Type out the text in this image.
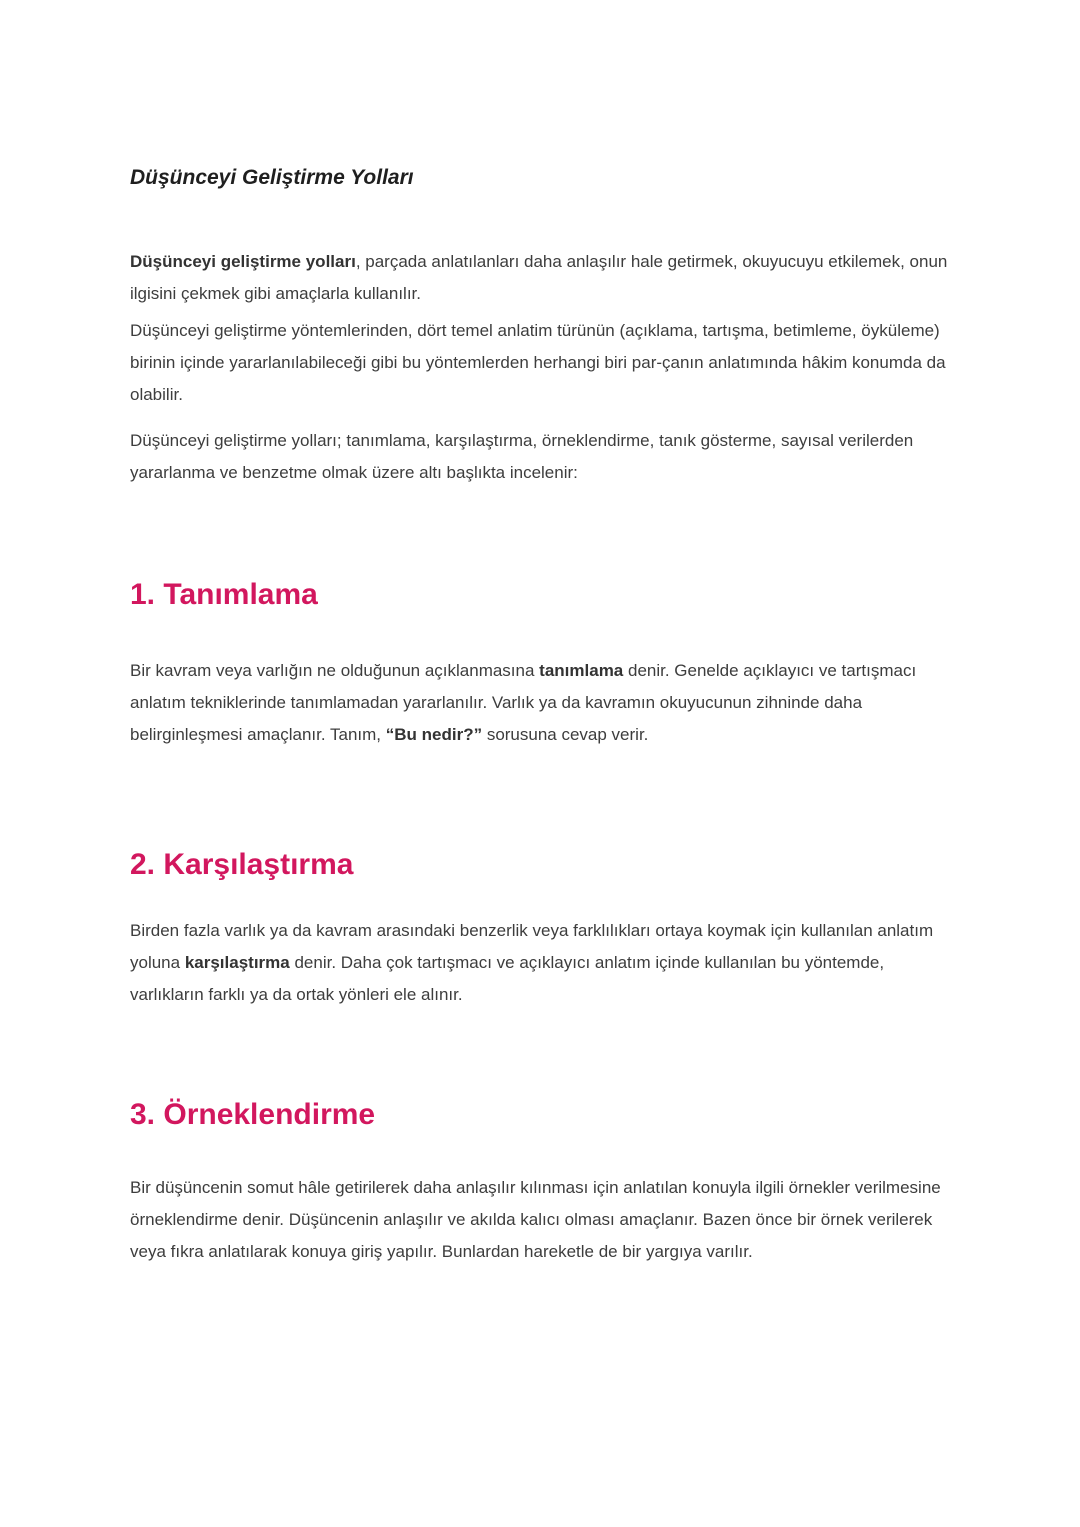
Düşünceyi Geliştirme Yolları

Düşünceyi geliştirme yolları, parçada anlatılanları daha anlaşılır hale getirmek, okuyucuyu etkilemek, onun ilgisini çekmek gibi amaçlarla kullanılır.

Düşünceyi geliştirme yöntemlerinden, dört temel anlatim türünün (açıklama, tartışma, betimleme, öyküleme) birinin içinde yararlanılabileceği gibi bu yöntemlerden herhangi biri par-çanın anlatımında hâkim konumda da olabilir.

Düşünceyi geliştirme yolları; tanımlama, karşılaştırma, örneklendirme, tanık gösterme, sayısal verilerden yararlanma ve benzetme olmak üzere altı başlıkta incelenir:

1. Tanımlama

Bir kavram veya varlığın ne olduğunun açıklanmasına tanımlama denir. Genelde açıklayıcı ve tartışmacı anlatım tekniklerinde tanımlamadan yararlanılır. Varlık ya da kavramın okuyucunun zihninde daha belirginleşmesi amaçlanır. Tanım, “Bu nedir?” sorusuna cevap verir.

2. Karşılaştırma

Birden fazla varlık ya da kavram arasındaki benzerlik veya farklılıkları ortaya koymak için kullanılan anlatım yoluna karşılaştırma denir. Daha çok tartışmacı ve açıklayıcı anlatım içinde kullanılan bu yöntemde, varlıkların farklı ya da ortak yönleri ele alınır.

3. Örneklendirme

Bir düşüncenin somut hâle getirilerek daha anlaşılır kılınması için anlatılan konuyla ilgili örnekler verilmesine örneklendirme denir. Düşüncenin anlaşılır ve akılda kalıcı olması amaçlanır. Bazen önce bir örnek verilerek veya fıkra anlatılarak konuya giriş yapılır. Bunlardan hareketle de bir yargıya varılır.
